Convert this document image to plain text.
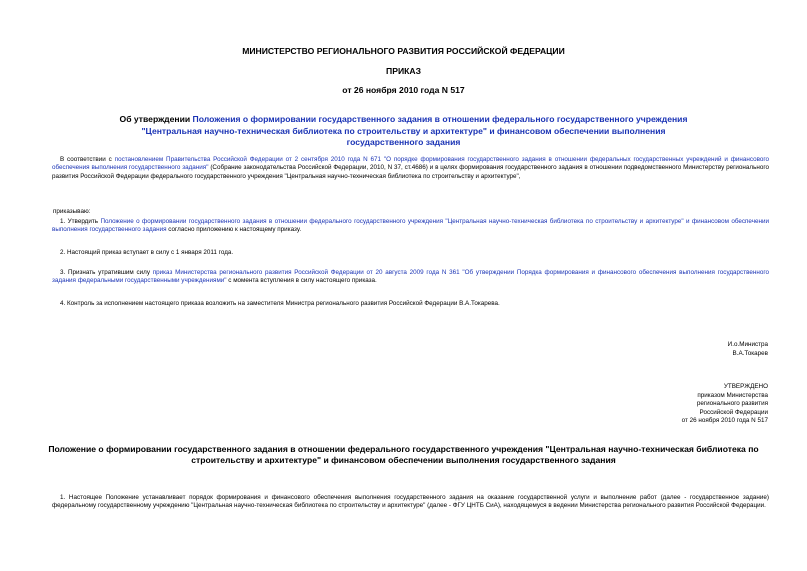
МИНИСТЕРСТВО РЕГИОНАЛЬНОГО РАЗВИТИЯ РОССИЙСКОЙ ФЕДЕРАЦИИ
ПРИКАЗ
от 26 ноября 2010 года N 517
Об утверждении Положения о формировании государственного задания в отношении федерального государственного учреждения "Центральная научно-техническая библиотека по строительству и архитектуре" и финансовом обеспечении выполнения государственного задания
В соответствии с постановлением Правительства Российской Федерации от 2 сентября 2010 года N 671 "О порядке формирования государственного задания в отношении федеральных государственных учреждений и финансового обеспечения выполнения государственного задания" (Собрание законодательства Российской Федерации, 2010, N 37, ст.4686) и в целях формирования государственного задания в отношении подведомственного Министерству регионального развития Российской Федерации федерального государственного учреждения "Центральная научно-техническая библиотека по строительству и архитектуре",
приказываю:
1. Утвердить Положение о формировании государственного задания в отношении федерального государственного учреждения "Центральная научно-техническая библиотека по строительству и архитектуре" и финансовом обеспечении выполнения государственного задания согласно приложению к настоящему приказу.
2. Настоящий приказ вступает в силу с 1 января 2011 года.
3. Признать утратившим силу приказ Министерства регионального развития Российской Федерации от 20 августа 2009 года N 361 "Об утверждении Порядка формирования и финансового обеспечения выполнения государственного задания федеральными государственными учреждениями" с момента вступления в силу настоящего приказа.
4. Контроль за исполнением настоящего приказа возложить на заместителя Министра регионального развития Российской Федерации В.А.Токарева.
И.о.Министра
В.А.Токарев
УТВЕРЖДЕНО
приказом Министерства
регионального развития
Российской Федерации
от 26 ноября 2010 года N 517
Положение о формировании государственного задания в отношении федерального государственного учреждения "Центральная научно-техническая библиотека по строительству и архитектуре" и финансовом обеспечении выполнения государственного задания
1. Настоящее Положение устанавливает порядок формирования и финансового обеспечения выполнения государственного задания на оказание государственной услуги и выполнение работ (далее - государственное задание) федеральному государственному учреждению "Центральная научно-техническая библиотека по строительству и архитектуре" (далее - ФГУ ЦНТБ СиА), находящемуся в ведении Министерства регионального развития Российской Федерации.
